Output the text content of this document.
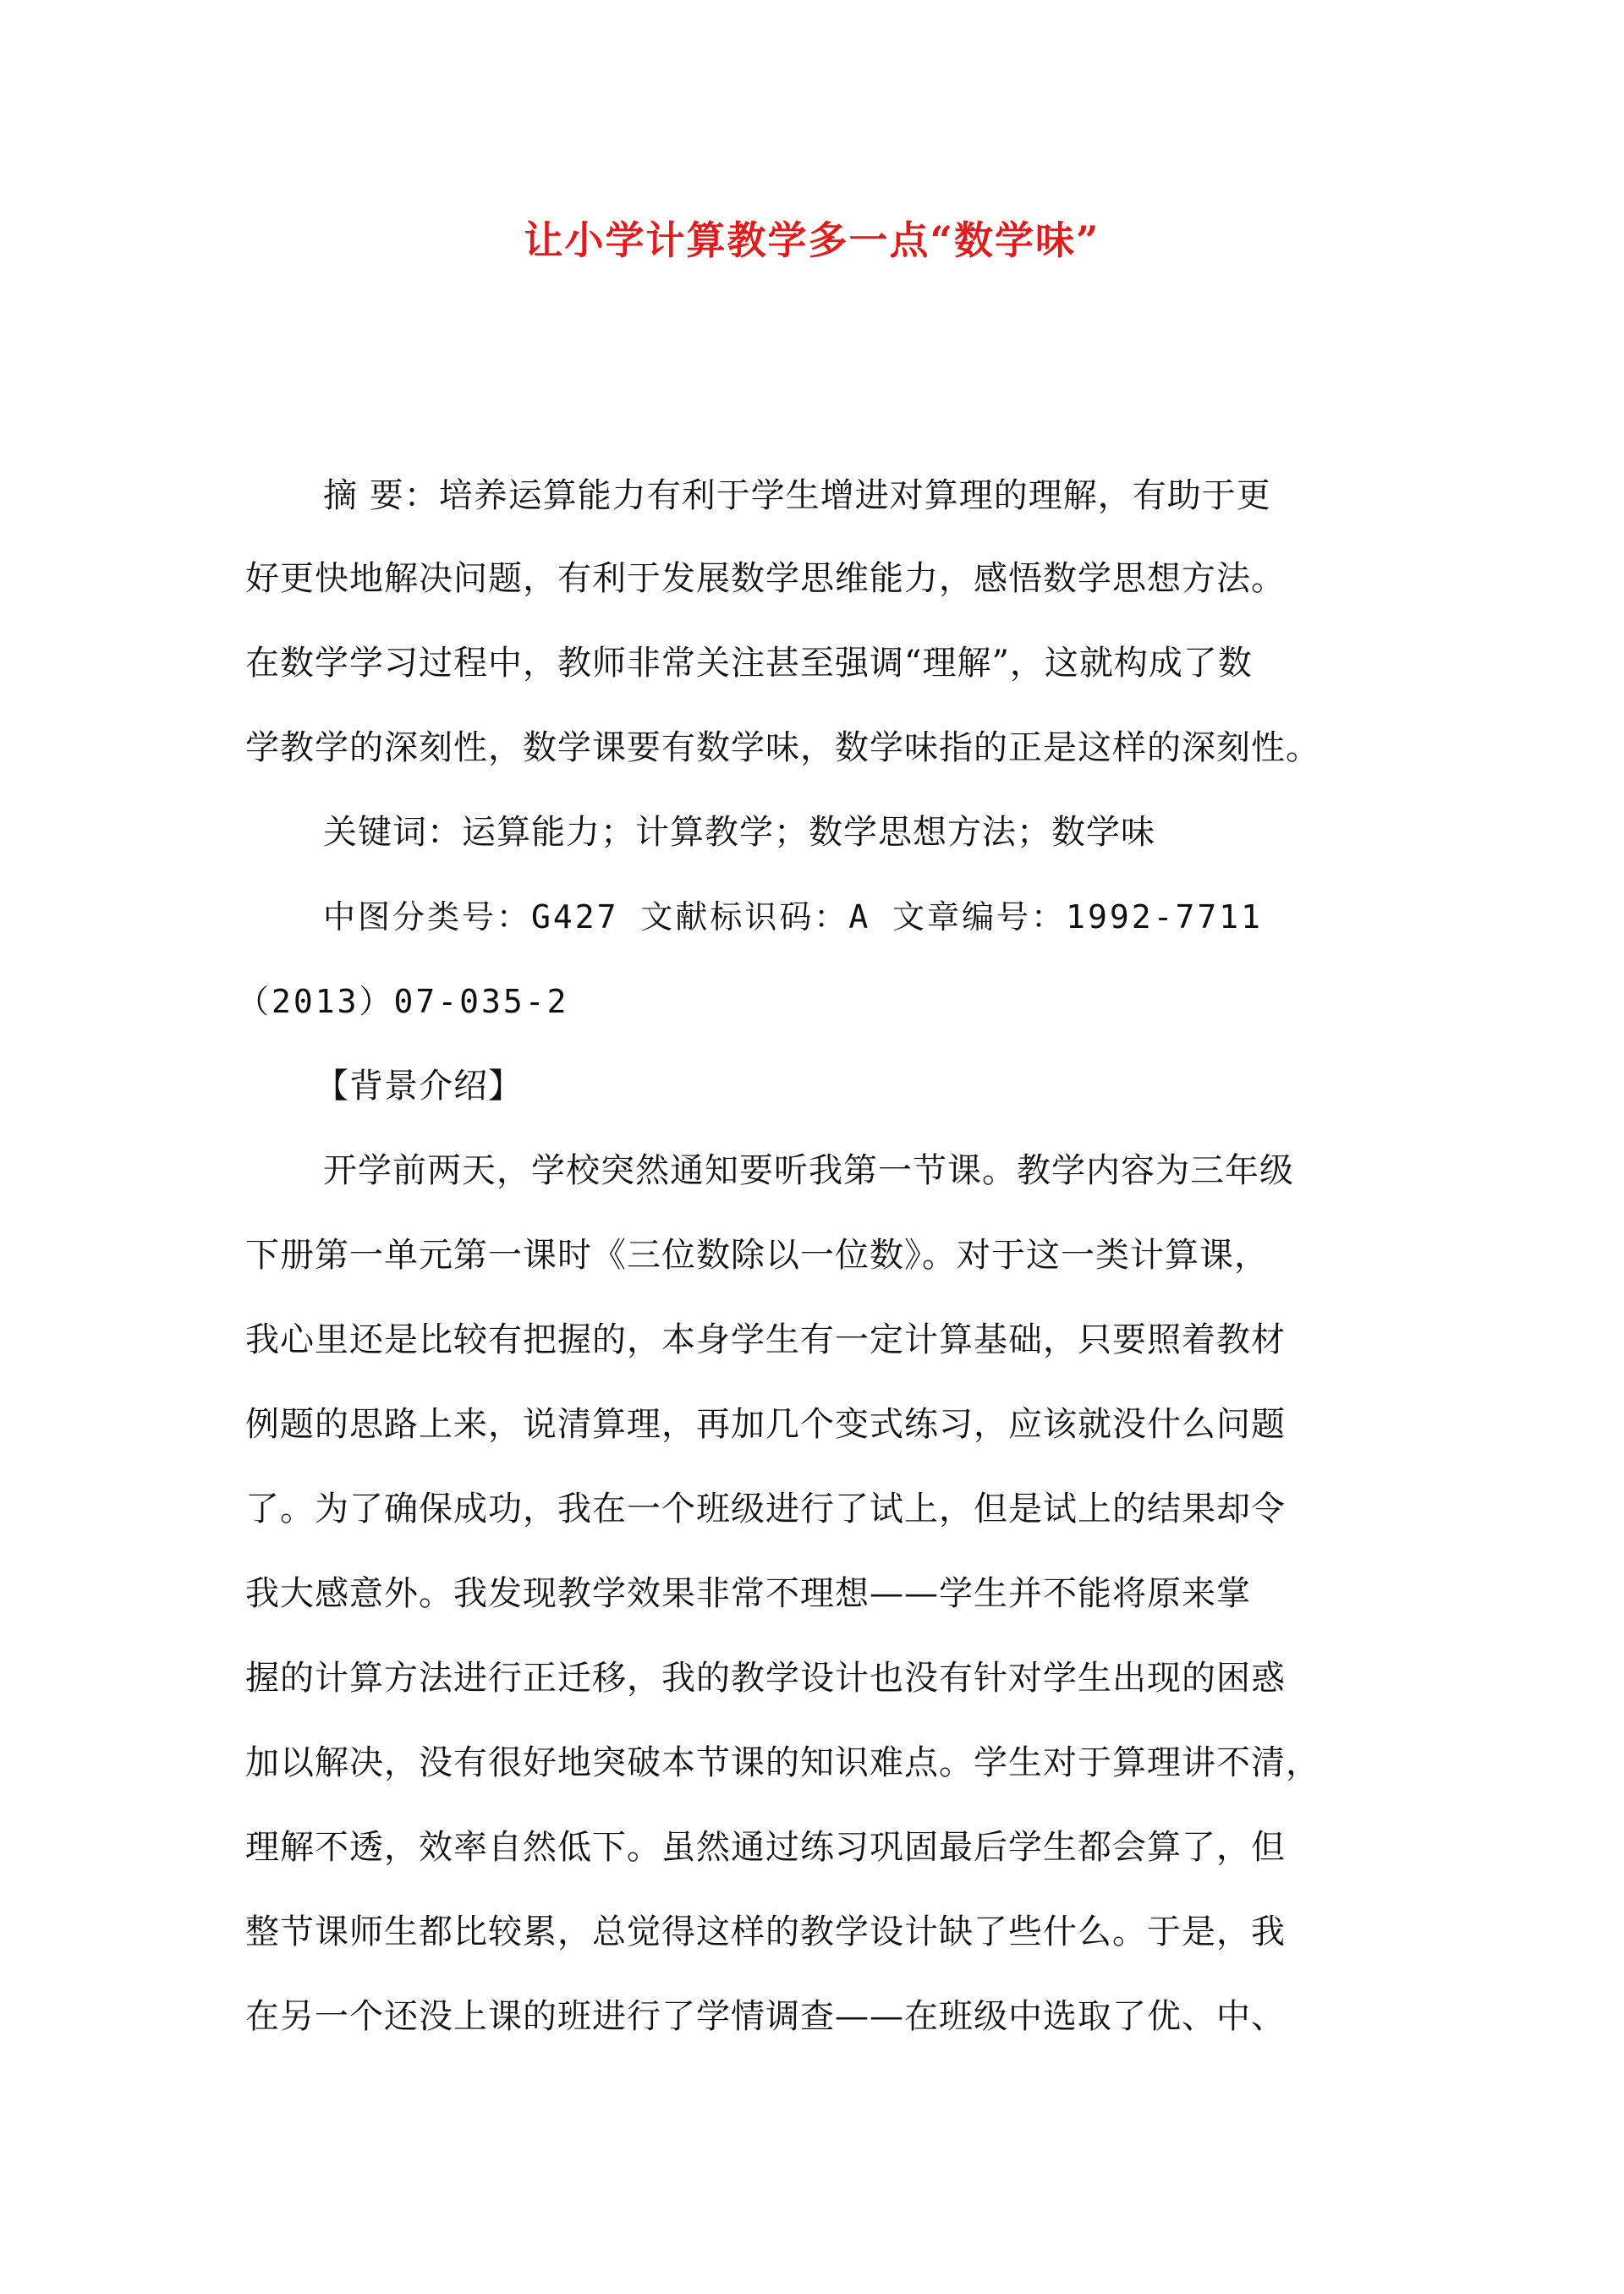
让小学计算教学多一点“数学味”
摘 要：培养运算能力有利于学生增进对算理的理解，有助于更
好更快地解决问题，有利于发展数学思维能力，感悟数学思想方法。
在数学学习过程中，教师非常关注甚至强调“理解”，这就构成了数
学教学的深刻性，数学课要有数学味，数学味指的正是这样的深刻性。
关键词：运算能力；计算教学；数学思想方法；数学味
中图分类号：G427 文献标识码：A 文章编号：1992-7711
（2013）07-035-2
【背景介绍】
开学前两天，学校突然通知要听我第一节课。教学内容为三年级
下册第一单元第一课时《三位数除以一位数》。对于这一类计算课，
我心里还是比较有把握的，本身学生有一定计算基础，只要照着教材
例题的思路上来，说清算理，再加几个变式练习，应该就没什么问题
了。为了确保成功，我在一个班级进行了试上，但是试上的结果却令
我大感意外。我发现教学效果非常不理想——学生并不能将原来掌
握的计算方法进行正迁移，我的教学设计也没有针对学生出现的困惑
加以解决，没有很好地突破本节课的知识难点。学生对于算理讲不清，
理解不透，效率自然低下。虽然通过练习巩固最后学生都会算了，但
整节课师生都比较累，总觉得这样的教学设计缺了些什么。于是，我
在另一个还没上课的班进行了学情调查——在班级中选取了优、中、
